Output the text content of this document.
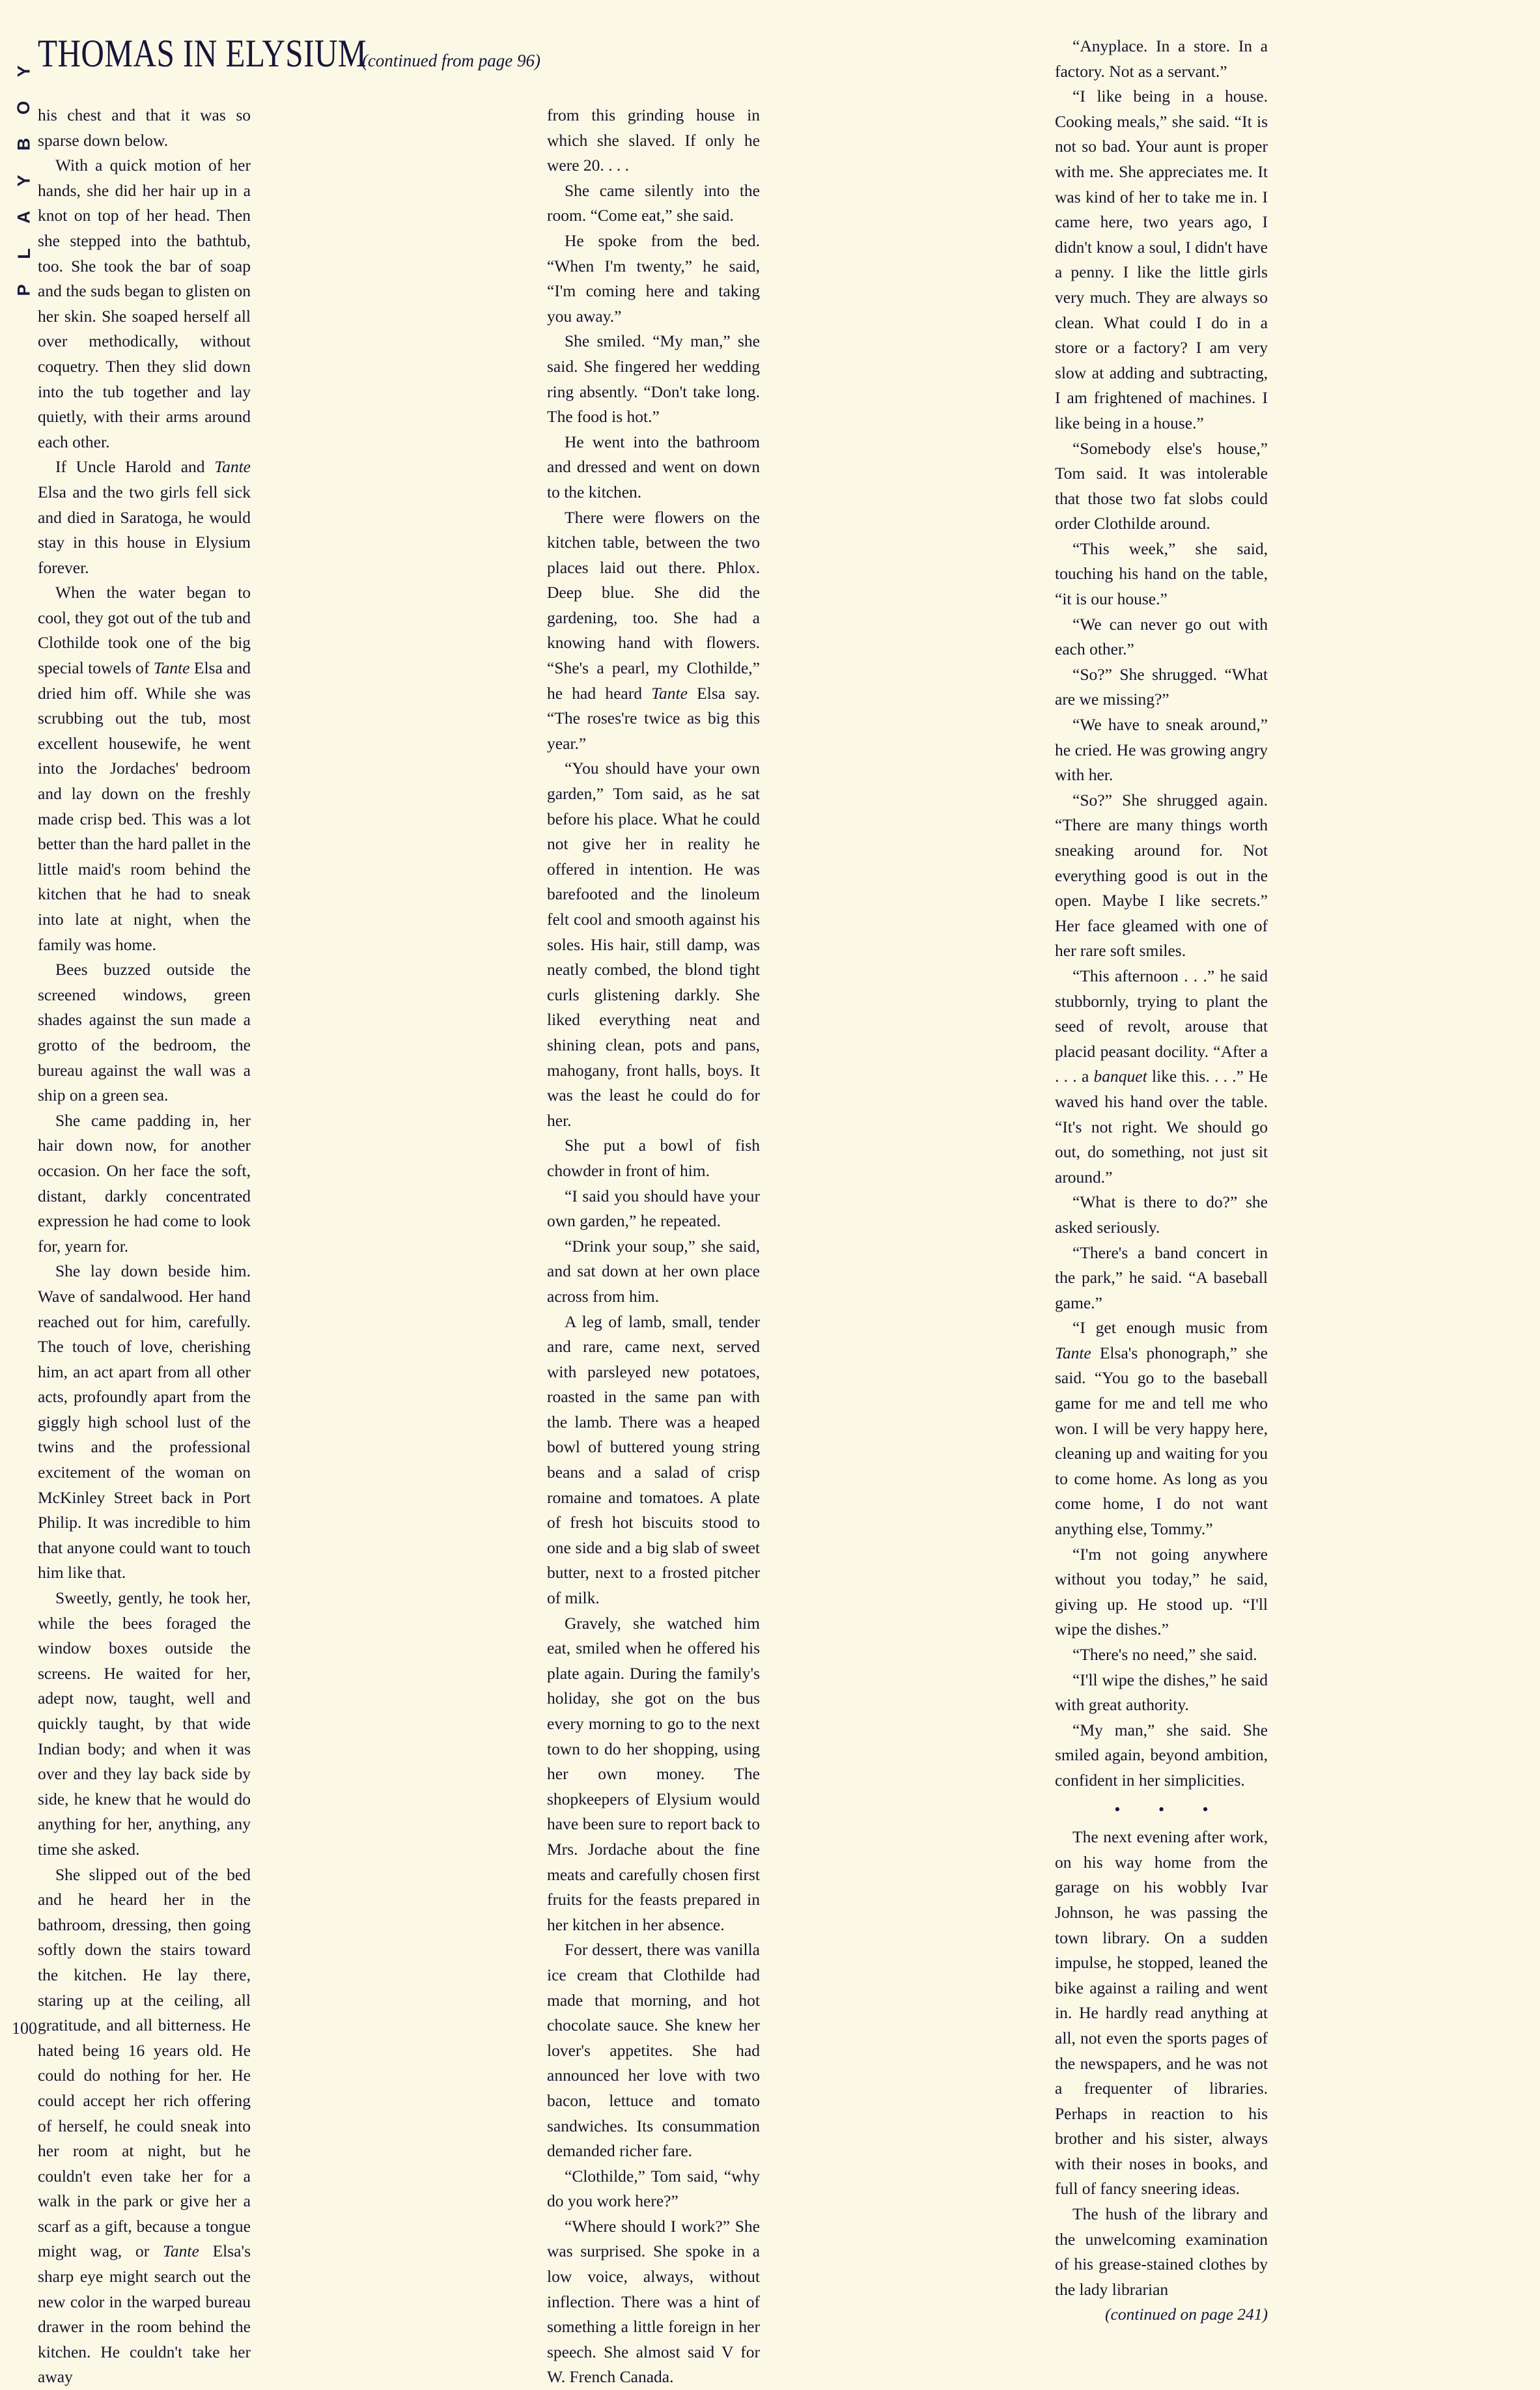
Y
O
B
Y
A
L
P
THOMAS IN ELYSIUM
(continued from page 96)

his chest and that it was so sparse down below.

With a quick motion of her hands, she did her hair up in a knot on top of her head. Then she stepped into the bathtub, too. She took the bar of soap and the suds began to glisten on her skin. She soaped herself all over methodically, without coquetry. Then they slid down into the tub together and lay quietly, with their arms around each other.

If Uncle Harold and Tante Elsa and the two girls fell sick and died in Saratoga, he would stay in this house in Elysium forever.

When the water began to cool, they got out of the tub and Clothilde took one of the big special towels of Tante Elsa and dried him off. While she was scrubbing out the tub, most excellent housewife, he went into the Jordaches' bedroom and lay down on the freshly made crisp bed. This was a lot better than the hard pallet in the little maid's room behind the kitchen that he had to sneak into late at night, when the family was home.

Bees buzzed outside the screened windows, green shades against the sun made a grotto of the bedroom, the bureau against the wall was a ship on a green sea.

She came padding in, her hair down now, for another occasion. On her face the soft, distant, darkly concentrated expression he had come to look for, yearn for.

She lay down beside him. Wave of sandalwood. Her hand reached out for him, carefully. The touch of love, cherishing him, an act apart from all other acts, profoundly apart from the giggly high school lust of the twins and the professional excitement of the woman on McKinley Street back in Port Philip. It was incredible to him that anyone could want to touch him like that.

Sweetly, gently, he took her, while the bees foraged the window boxes outside the screens. He waited for her, adept now, taught, well and quickly taught, by that wide Indian body; and when it was over and they lay back side by side, he knew that he would do anything for her, anything, any time she asked.

She slipped out of the bed and he heard her in the bathroom, dressing, then going softly down the stairs toward the kitchen. He lay there, staring up at the ceiling, all gratitude, and all bitterness. He hated being 16 years old. He could do nothing for her. He could accept her rich offering of herself, he could sneak into her room at night, but he couldn't even take her for a walk in the park or give her a scarf as a gift, because a tongue might wag, or Tante Elsa's sharp eye might search out the new color in the warped bureau drawer in the room behind the kitchen. He couldn't take her away

from this grinding house in which she slaved. If only he were 20. . . .

She came silently into the room. “Come eat,” she said.

He spoke from the bed. “When I'm twenty,” he said, “I'm coming here and taking you away.”

She smiled. “My man,” she said. She fingered her wedding ring absently. “Don't take long. The food is hot.”

He went into the bathroom and dressed and went on down to the kitchen.

There were flowers on the kitchen table, between the two places laid out there. Phlox. Deep blue. She did the gardening, too. She had a knowing hand with flowers. “She's a pearl, my Clothilde,” he had heard Tante Elsa say. “The roses're twice as big this year.”

“You should have your own garden,” Tom said, as he sat before his place. What he could not give her in reality he offered in intention. He was barefooted and the linoleum felt cool and smooth against his soles. His hair, still damp, was neatly combed, the blond tight curls glistening darkly. She liked everything neat and shining clean, pots and pans, mahogany, front halls, boys. It was the least he could do for her.

She put a bowl of fish chowder in front of him.

“I said you should have your own garden,” he repeated.

“Drink your soup,” she said, and sat down at her own place across from him.

A leg of lamb, small, tender and rare, came next, served with parsleyed new potatoes, roasted in the same pan with the lamb. There was a heaped bowl of buttered young string beans and a salad of crisp romaine and tomatoes. A plate of fresh hot biscuits stood to one side and a big slab of sweet butter, next to a frosted pitcher of milk.

Gravely, she watched him eat, smiled when he offered his plate again. During the family's holiday, she got on the bus every morning to go to the next town to do her shopping, using her own money. The shopkeepers of Elysium would have been sure to report back to Mrs. Jordache about the fine meats and carefully chosen first fruits for the feasts prepared in her kitchen in her absence.

For dessert, there was vanilla ice cream that Clothilde had made that morning, and hot chocolate sauce. She knew her lover's appetites. She had announced her love with two bacon, lettuce and tomato sandwiches. Its consummation demanded richer fare.

“Clothilde,” Tom said, “why do you work here?”

“Where should I work?” She was surprised. She spoke in a low voice, always, without inflection. There was a hint of something a little foreign in her speech. She almost said V for W. French Canada.

“Anyplace. In a store. In a factory. Not as a servant.”

“I like being in a house. Cooking meals,” she said. “It is not so bad. Your aunt is proper with me. She appreciates me. It was kind of her to take me in. I came here, two years ago, I didn't know a soul, I didn't have a penny. I like the little girls very much. They are always so clean. What could I do in a store or a factory? I am very slow at adding and subtracting, I am frightened of machines. I like being in a house.”

“Somebody else's house,” Tom said. It was intolerable that those two fat slobs could order Clothilde around.

“This week,” she said, touching his hand on the table, “it is our house.”

“We can never go out with each other.”

“So?” She shrugged. “What are we missing?”

“We have to sneak around,” he cried. He was growing angry with her.

“So?” She shrugged again. “There are many things worth sneaking around for. Not everything good is out in the open. Maybe I like secrets.” Her face gleamed with one of her rare soft smiles.

“This afternoon . . .” he said stubbornly, trying to plant the seed of revolt, arouse that placid peasant docility. “After a . . . a banquet like this. . . .” He waved his hand over the table. “It's not right. We should go out, do something, not just sit around.”

“What is there to do?” she asked seriously.

“There's a band concert in the park,” he said. “A baseball game.”

“I get enough music from Tante Elsa's phonograph,” she said. “You go to the baseball game for me and tell me who won. I will be very happy here, cleaning up and waiting for you to come home. As long as you come home, I do not want anything else, Tommy.”

“I'm not going anywhere without you today,” he said, giving up. He stood up. “I'll wipe the dishes.”

“There's no need,” she said.

“I'll wipe the dishes,” he said with great authority.

“My man,” she said. She smiled again, beyond ambition, confident in her simplicities.

• • •

The next evening after work, on his way home from the garage on his wobbly Ivar Johnson, he was passing the town library. On a sudden impulse, he stopped, leaned the bike against a railing and went in. He hardly read anything at all, not even the sports pages of the newspapers, and he was not a frequenter of libraries. Perhaps in reaction to his brother and his sister, always with their noses in books, and full of fancy sneering ideas.

The hush of the library and the unwelcoming examination of his grease-stained clothes by the lady librarian

(continued on page 241)
100
